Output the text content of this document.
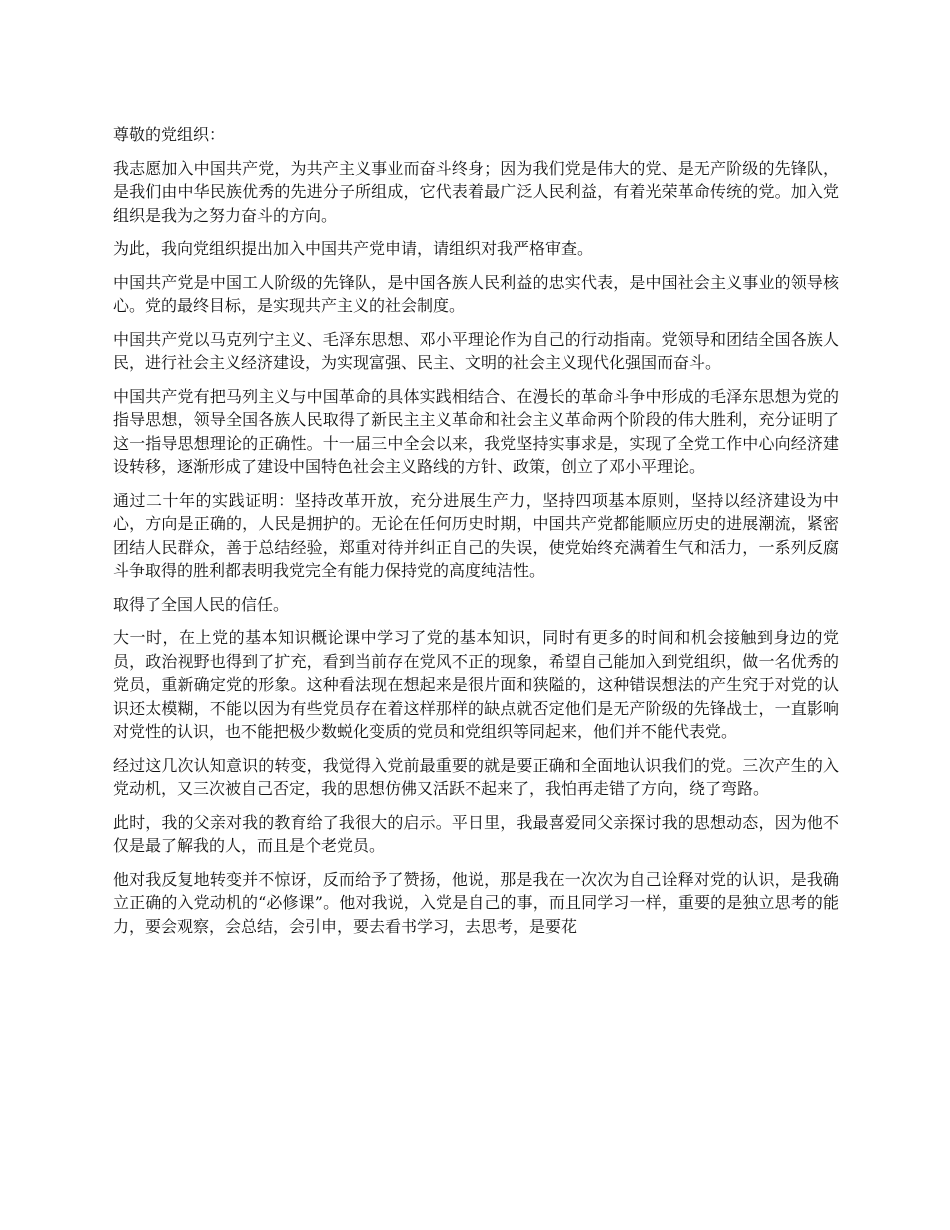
尊敬的党组织：

我志愿加入中国共产党，为共产主义事业而奋斗终身；因为我们党是伟大的党、是无产阶级的先锋队，是我们由中华民族优秀的先进分子所组成，它代表着最广泛人民利益，有着光荣革命传统的党。加入党组织是我为之努力奋斗的方向。

为此，我向党组织提出加入中国共产党申请，请组织对我严格审查。

中国共产党是中国工人阶级的先锋队，是中国各族人民利益的忠实代表，是中国社会主义事业的领导核心。党的最终目标，是实现共产主义的社会制度。

中国共产党以马克列宁主义、毛泽东思想、邓小平理论作为自己的行动指南。党领导和团结全国各族人民，进行社会主义经济建设，为实现富强、民主、文明的社会主义现代化强国而奋斗。

中国共产党有把马列主义与中国革命的具体实践相结合、在漫长的革命斗争中形成的毛泽东思想为党的指导思想，领导全国各族人民取得了新民主主义革命和社会主义革命两个阶段的伟大胜利，充分证明了这一指导思想理论的正确性。十一届三中全会以来，我党坚持实事求是，实现了全党工作中心向经济建设转移，逐渐形成了建设中国特色社会主义路线的方针、政策，创立了邓小平理论。

通过二十年的实践证明：坚持改革开放，充分进展生产力，坚持四项基本原则，坚持以经济建设为中心，方向是正确的，人民是拥护的。无论在任何历史时期，中国共产党都能顺应历史的进展潮流，紧密团结人民群众，善于总结经验，郑重对待并纠正自己的失误，使党始终充满着生气和活力，一系列反腐斗争取得的胜利都表明我党完全有能力保持党的高度纯洁性。

取得了全国人民的信任。

大一时，在上党的基本知识概论课中学习了党的基本知识，同时有更多的时间和机会接触到身边的党员，政治视野也得到了扩充，看到当前存在党风不正的现象，希望自己能加入到党组织，做一名优秀的党员，重新确定党的形象。这种看法现在想起来是很片面和狭隘的，这种错误想法的产生究于对党的认识还太模糊，不能以因为有些党员存在着这样那样的缺点就否定他们是无产阶级的先锋战士，一直影响对党性的认识，也不能把极少数蜕化变质的党员和党组织等同起来，他们并不能代表党。

经过这几次认知意识的转变，我觉得入党前最重要的就是要正确和全面地认识我们的党。三次产生的入党动机，又三次被自己否定，我的思想仿佛又活跃不起来了，我怕再走错了方向，绕了弯路。

此时，我的父亲对我的教育给了我很大的启示。平日里，我最喜爱同父亲探讨我的思想动态，因为他不仅是最了解我的人，而且是个老党员。

他对我反复地转变并不惊讶，反而给予了赞扬，他说，那是我在一次次为自己诠释对党的认识，是我确立正确的入党动机的“必修课”。他对我说，入党是自己的事，而且同学习一样，重要的是独立思考的能力，要会观察，会总结，会引申，要去看书学习，去思考，是要花
